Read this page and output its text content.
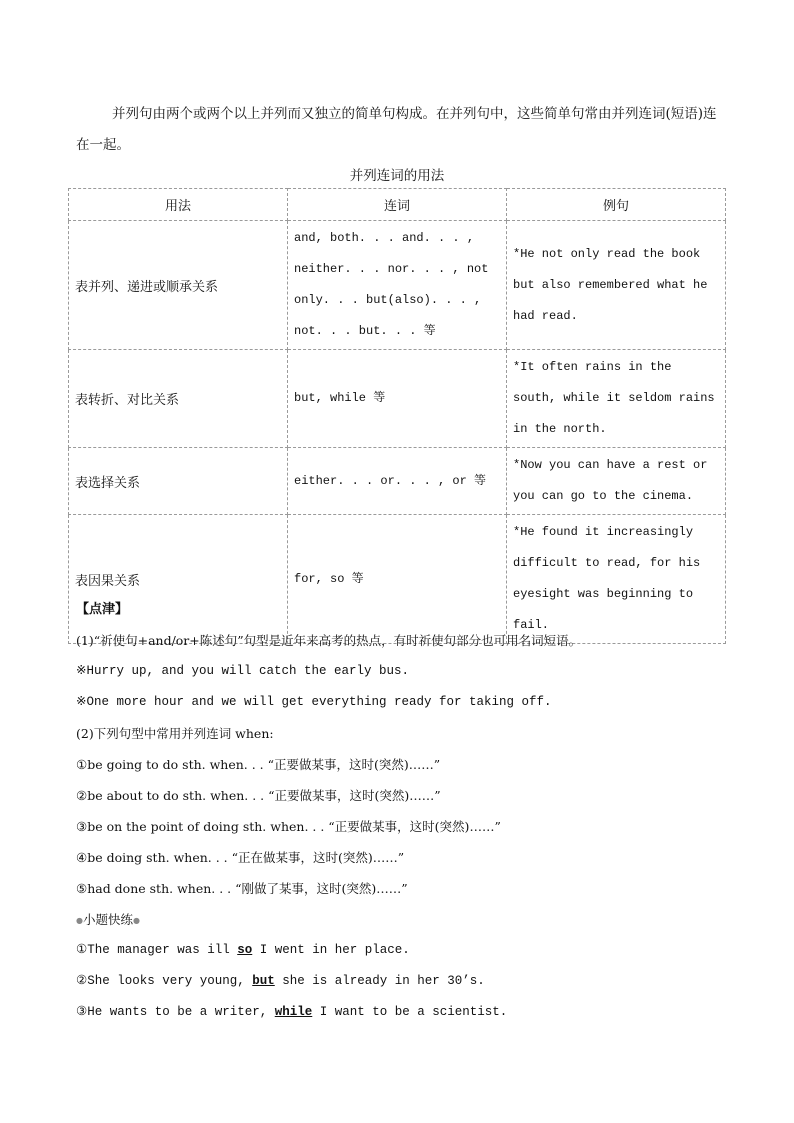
并列句由两个或两个以上并列而又独立的简单句构成。在并列句中，这些简单句常由并列连词(短语)连在一起。
并列连词的用法
用法	连词	例句
表并列、递进或顺承关系	and, both. . . and. . . , neither. . . nor. . . , not only. . . but(also). . . , not. . . but. . . 等	*He not only read the book but also remembered what he had read.
表转折、对比关系	but, while 等	*It often rains in the south, while it seldom rains in the north.
表选择关系	either. . . or. . . , or 等	*Now you can have a rest or you can go to the cinema.
表因果关系	for, so 等	*He found it increasingly difficult to read, for his eyesight was beginning to fail.
【点津】
(1)“祈使句+and/or+陈述句”句型是近年来高考的热点，有时祈使句部分也可用名词短语。
※Hurry up, and you will catch the early bus.
※One more hour and we will get everything ready for taking off.
(2)下列句型中常用并列连词 when:
①be going to do sth. when. . . “正要做某事，这时(突然)……”
②be about to do sth. when. . . “正要做某事，这时(突然)……”
③be on the point of doing sth. when. . . “正要做某事，这时(突然)……”
④be doing sth. when. . . “正在做某事，这时(突然)……”
⑤had done sth. when. . . “刚做了某事，这时(突然)……”
●小题快练●
①The manager was ill so I went in her place.
②She looks very young, but she is already in her 30’s.
③He wants to be a writer, while I want to be a scientist.
